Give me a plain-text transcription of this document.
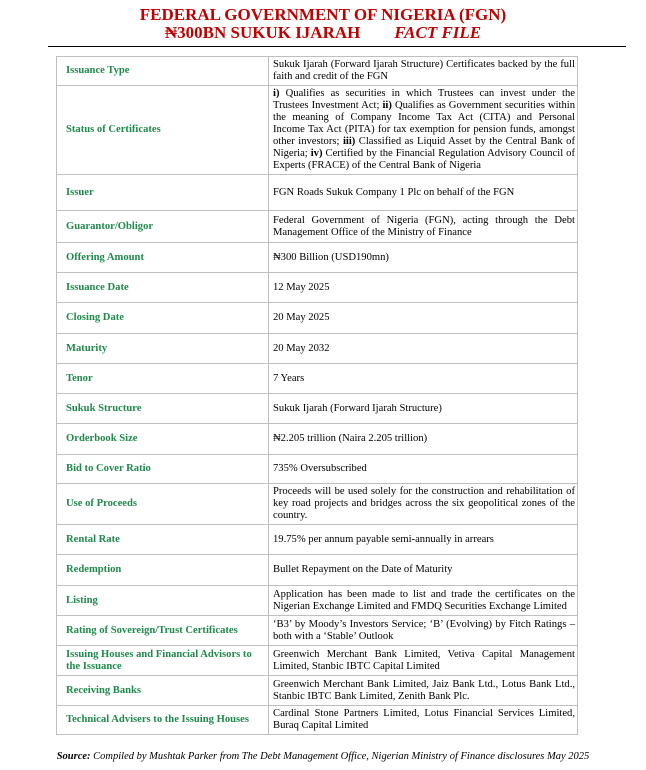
FEDERAL GOVERNMENT OF NIGERIA (FGN)
₦300BN SUKUK IJARAH FACT FILE
Issuance Type	Sukuk Ijarah (Forward Ijarah Structure) Certificates backed by the full faith and credit of the FGN
Status of Certificates	i) Qualifies as securities in which Trustees can invest under the Trustees Investment Act; ii) Qualifies as Government securities within the meaning of Company Income Tax Act (CITA) and Personal Income Tax Act (PITA) for tax exemption for pension funds, amongst other investors; iii) Classified as Liquid Asset by the Central Bank of Nigeria; iv) Certified by the Financial Regulation Advisory Council of Experts (FRACE) of the Central Bank of Nigeria
Issuer	FGN Roads Sukuk Company 1 Plc on behalf of the FGN
Guarantor/Obligor	Federal Government of Nigeria (FGN), acting through the Debt Management Office of the Ministry of Finance
Offering Amount	₦300 Billion (USD190mn)
Issuance Date	12 May 2025
Closing Date	20 May 2025
Maturity	20 May 2032
Tenor	7 Years
Sukuk Structure	Sukuk Ijarah (Forward Ijarah Structure)
Orderbook Size	₦2.205 trillion (Naira 2.205 trillion)
Bid to Cover Ratio	735% Oversubscribed
Use of Proceeds	Proceeds will be used solely for the construction and rehabilitation of key road projects and bridges across the six geopolitical zones of the country.
Rental Rate	19.75% per annum payable semi-annually in arrears
Redemption	Bullet Repayment on the Date of Maturity
Listing	Application has been made to list and trade the certificates on the Nigerian Exchange Limited and FMDQ Securities Exchange Limited
Rating of Sovereign/Trust Certificates	‘B3’ by Moody’s Investors Service; ‘B’ (Evolving) by Fitch Ratings – both with a ‘Stable’ Outlook
Issuing Houses and Financial Advisors to the Issuance	Greenwich Merchant Bank Limited, Vetiva Capital Management Limited, Stanbic IBTC Capital Limited
Receiving Banks	Greenwich Merchant Bank Limited, Jaiz Bank Ltd., Lotus Bank Ltd., Stanbic IBTC Bank Limited, Zenith Bank Plc.
Technical Advisers to the Issuing Houses	Cardinal Stone Partners Limited, Lotus Financial Services Limited, Buraq Capital Limited
Source: Compiled by Mushtak Parker from The Debt Management Office, Nigerian Ministry of Finance disclosures May 2025
